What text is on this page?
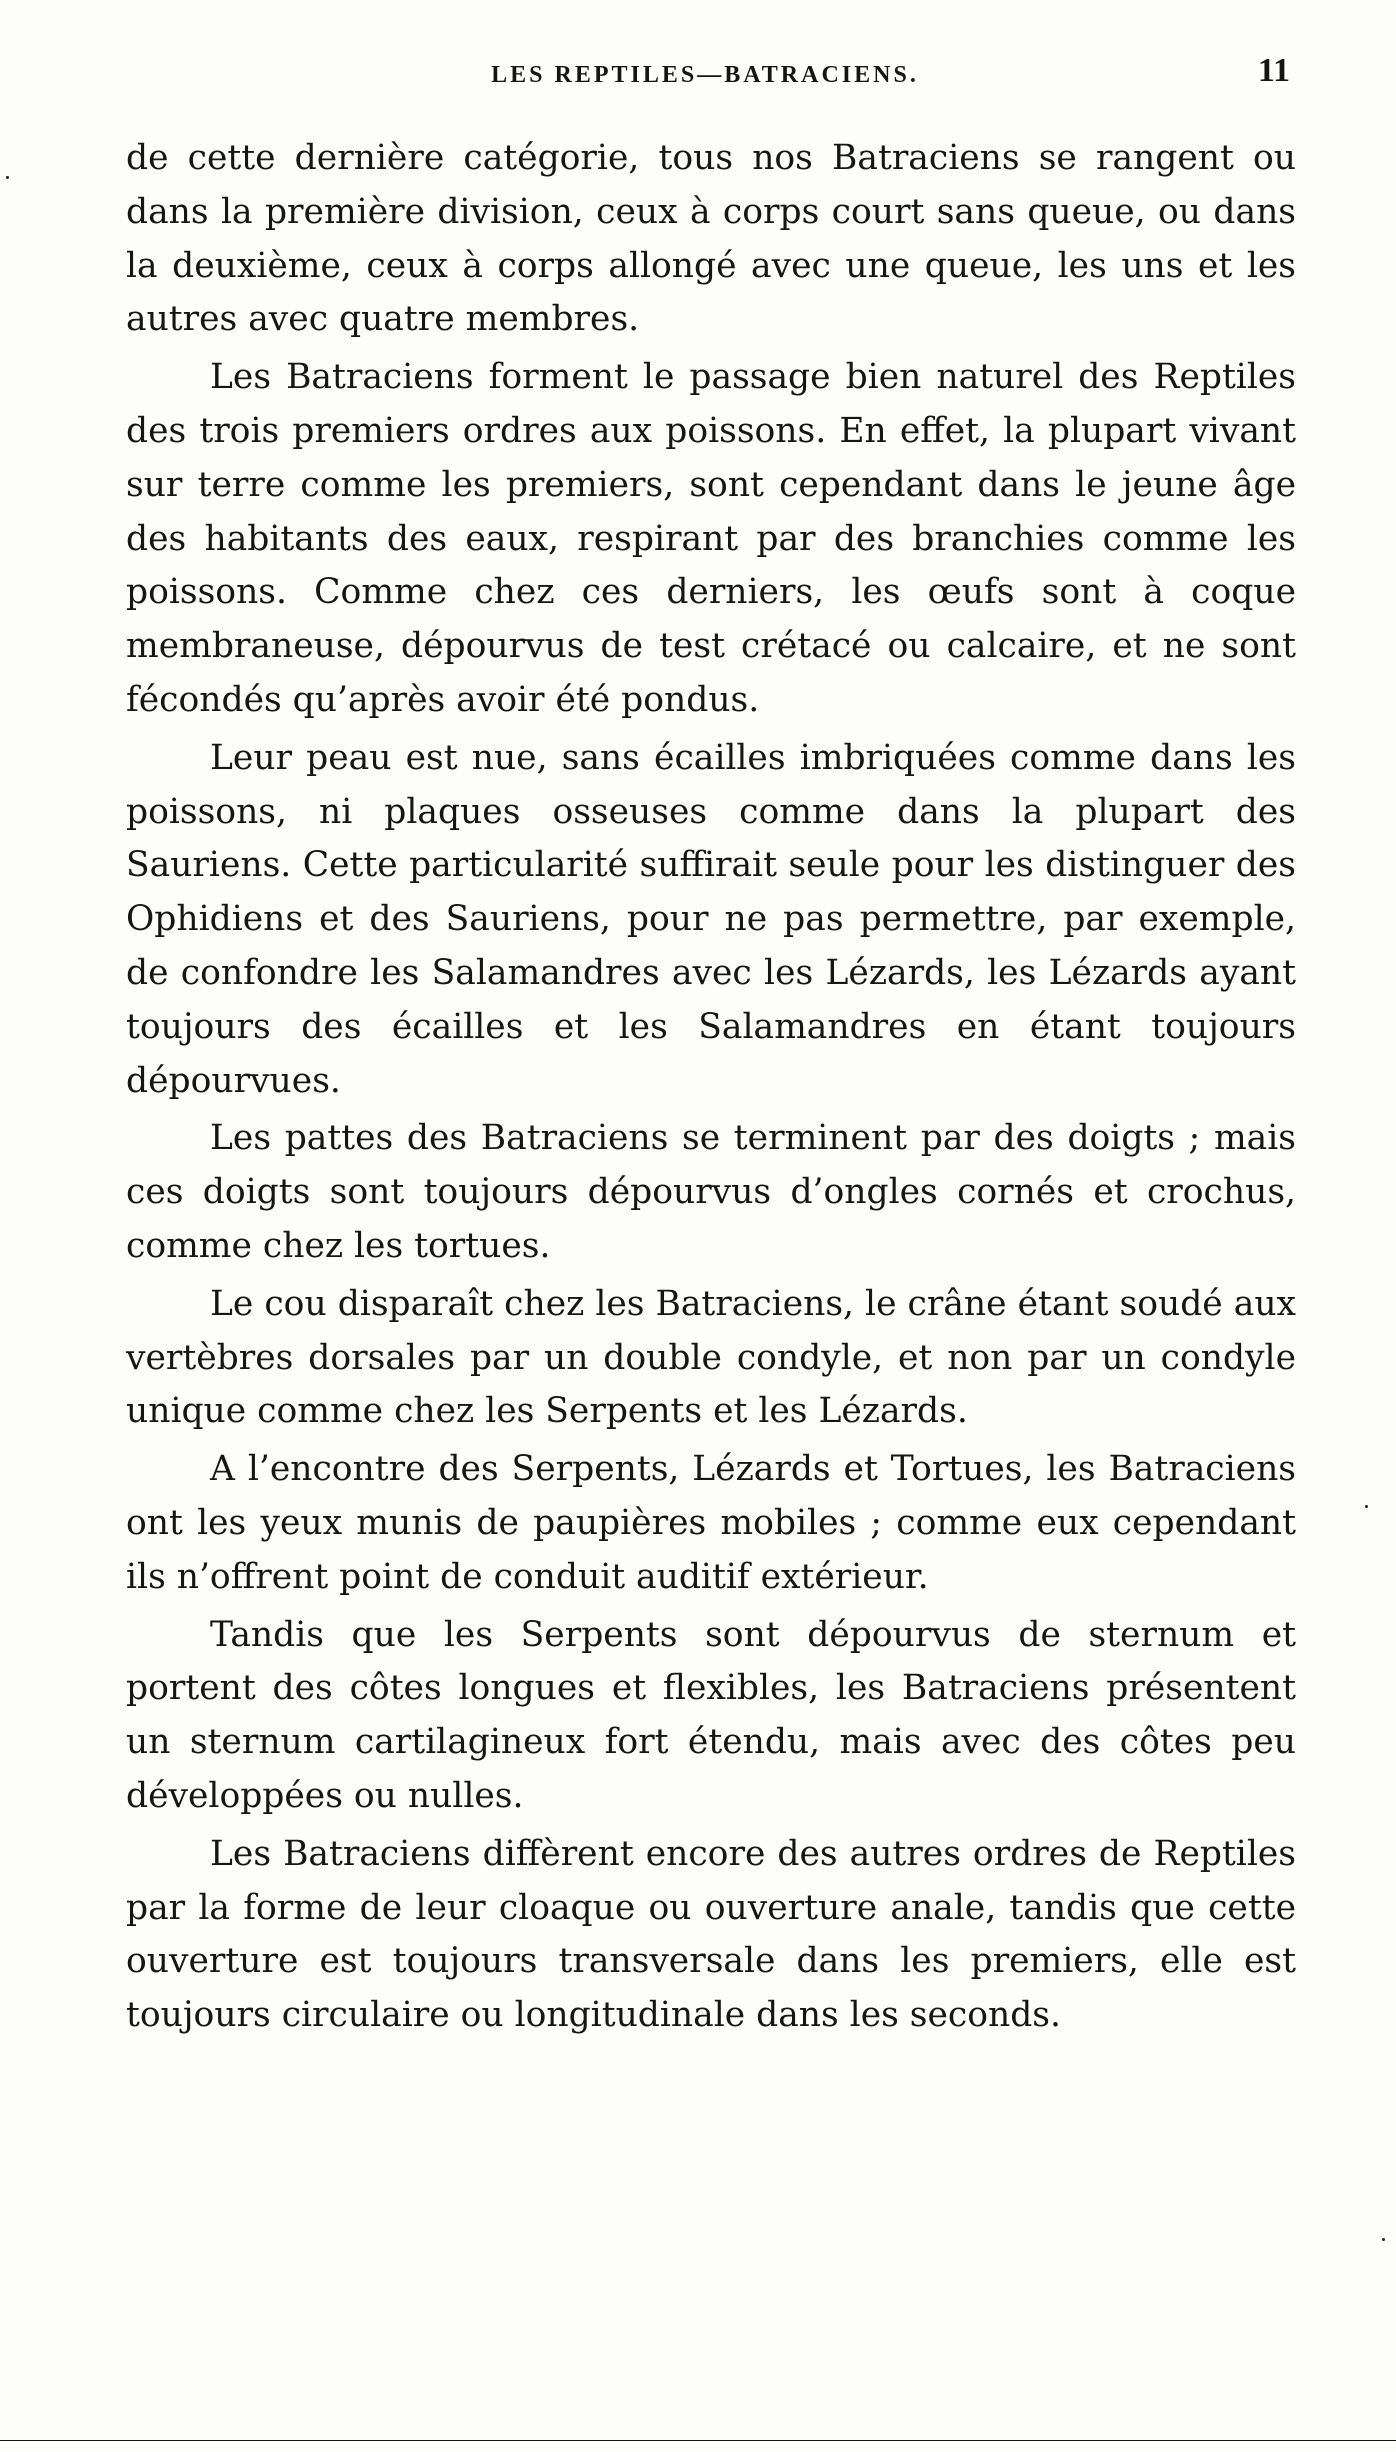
LES REPTILES—BATRACIENS.	11

de cette dernière catégorie, tous nos Batraciens se rangent ou dans la première division, ceux à corps court sans queue, ou dans la deuxième, ceux à corps allongé avec une queue, les uns et les autres avec quatre membres.

Les Batraciens forment le passage bien naturel des Reptiles des trois premiers ordres aux poissons. En effet, la plupart vivant sur terre comme les premiers, sont cependant dans le jeune âge des habitants des eaux, respirant par des branchies comme les poissons. Comme chez ces derniers, les œufs sont à coque membraneuse, dépourvus de test crétacé ou calcaire, et ne sont fécondés qu’après avoir été pondus.

Leur peau est nue, sans écailles imbriquées comme dans les poissons, ni plaques osseuses comme dans la plupart des Sauriens. Cette particularité suffirait seule pour les distinguer des Ophidiens et des Sauriens, pour ne pas permettre, par exemple, de confondre les Salamandres avec les Lézards, les Lézards ayant toujours des écailles et les Salamandres en étant toujours dépourvues.

Les pattes des Batraciens se terminent par des doigts ; mais ces doigts sont toujours dépourvus d’ongles cornés et crochus, comme chez les tortues.

Le cou disparaît chez les Batraciens, le crâne étant soudé aux vertèbres dorsales par un double condyle, et non par un condyle unique comme chez les Serpents et les Lézards.

A l’encontre des Serpents, Lézards et Tortues, les Batraciens ont les yeux munis de paupières mobiles ; comme eux cependant ils n’offrent point de conduit auditif extérieur.

Tandis que les Serpents sont dépourvus de sternum et portent des côtes longues et flexibles, les Batraciens présentent un sternum cartilagineux fort étendu, mais avec des côtes peu développées ou nulles.

Les Batraciens diffèrent encore des autres ordres de Reptiles par la forme de leur cloaque ou ouverture anale, tandis que cette ouverture est toujours transversale dans les premiers, elle est toujours circulaire ou longitudinale dans les seconds.
